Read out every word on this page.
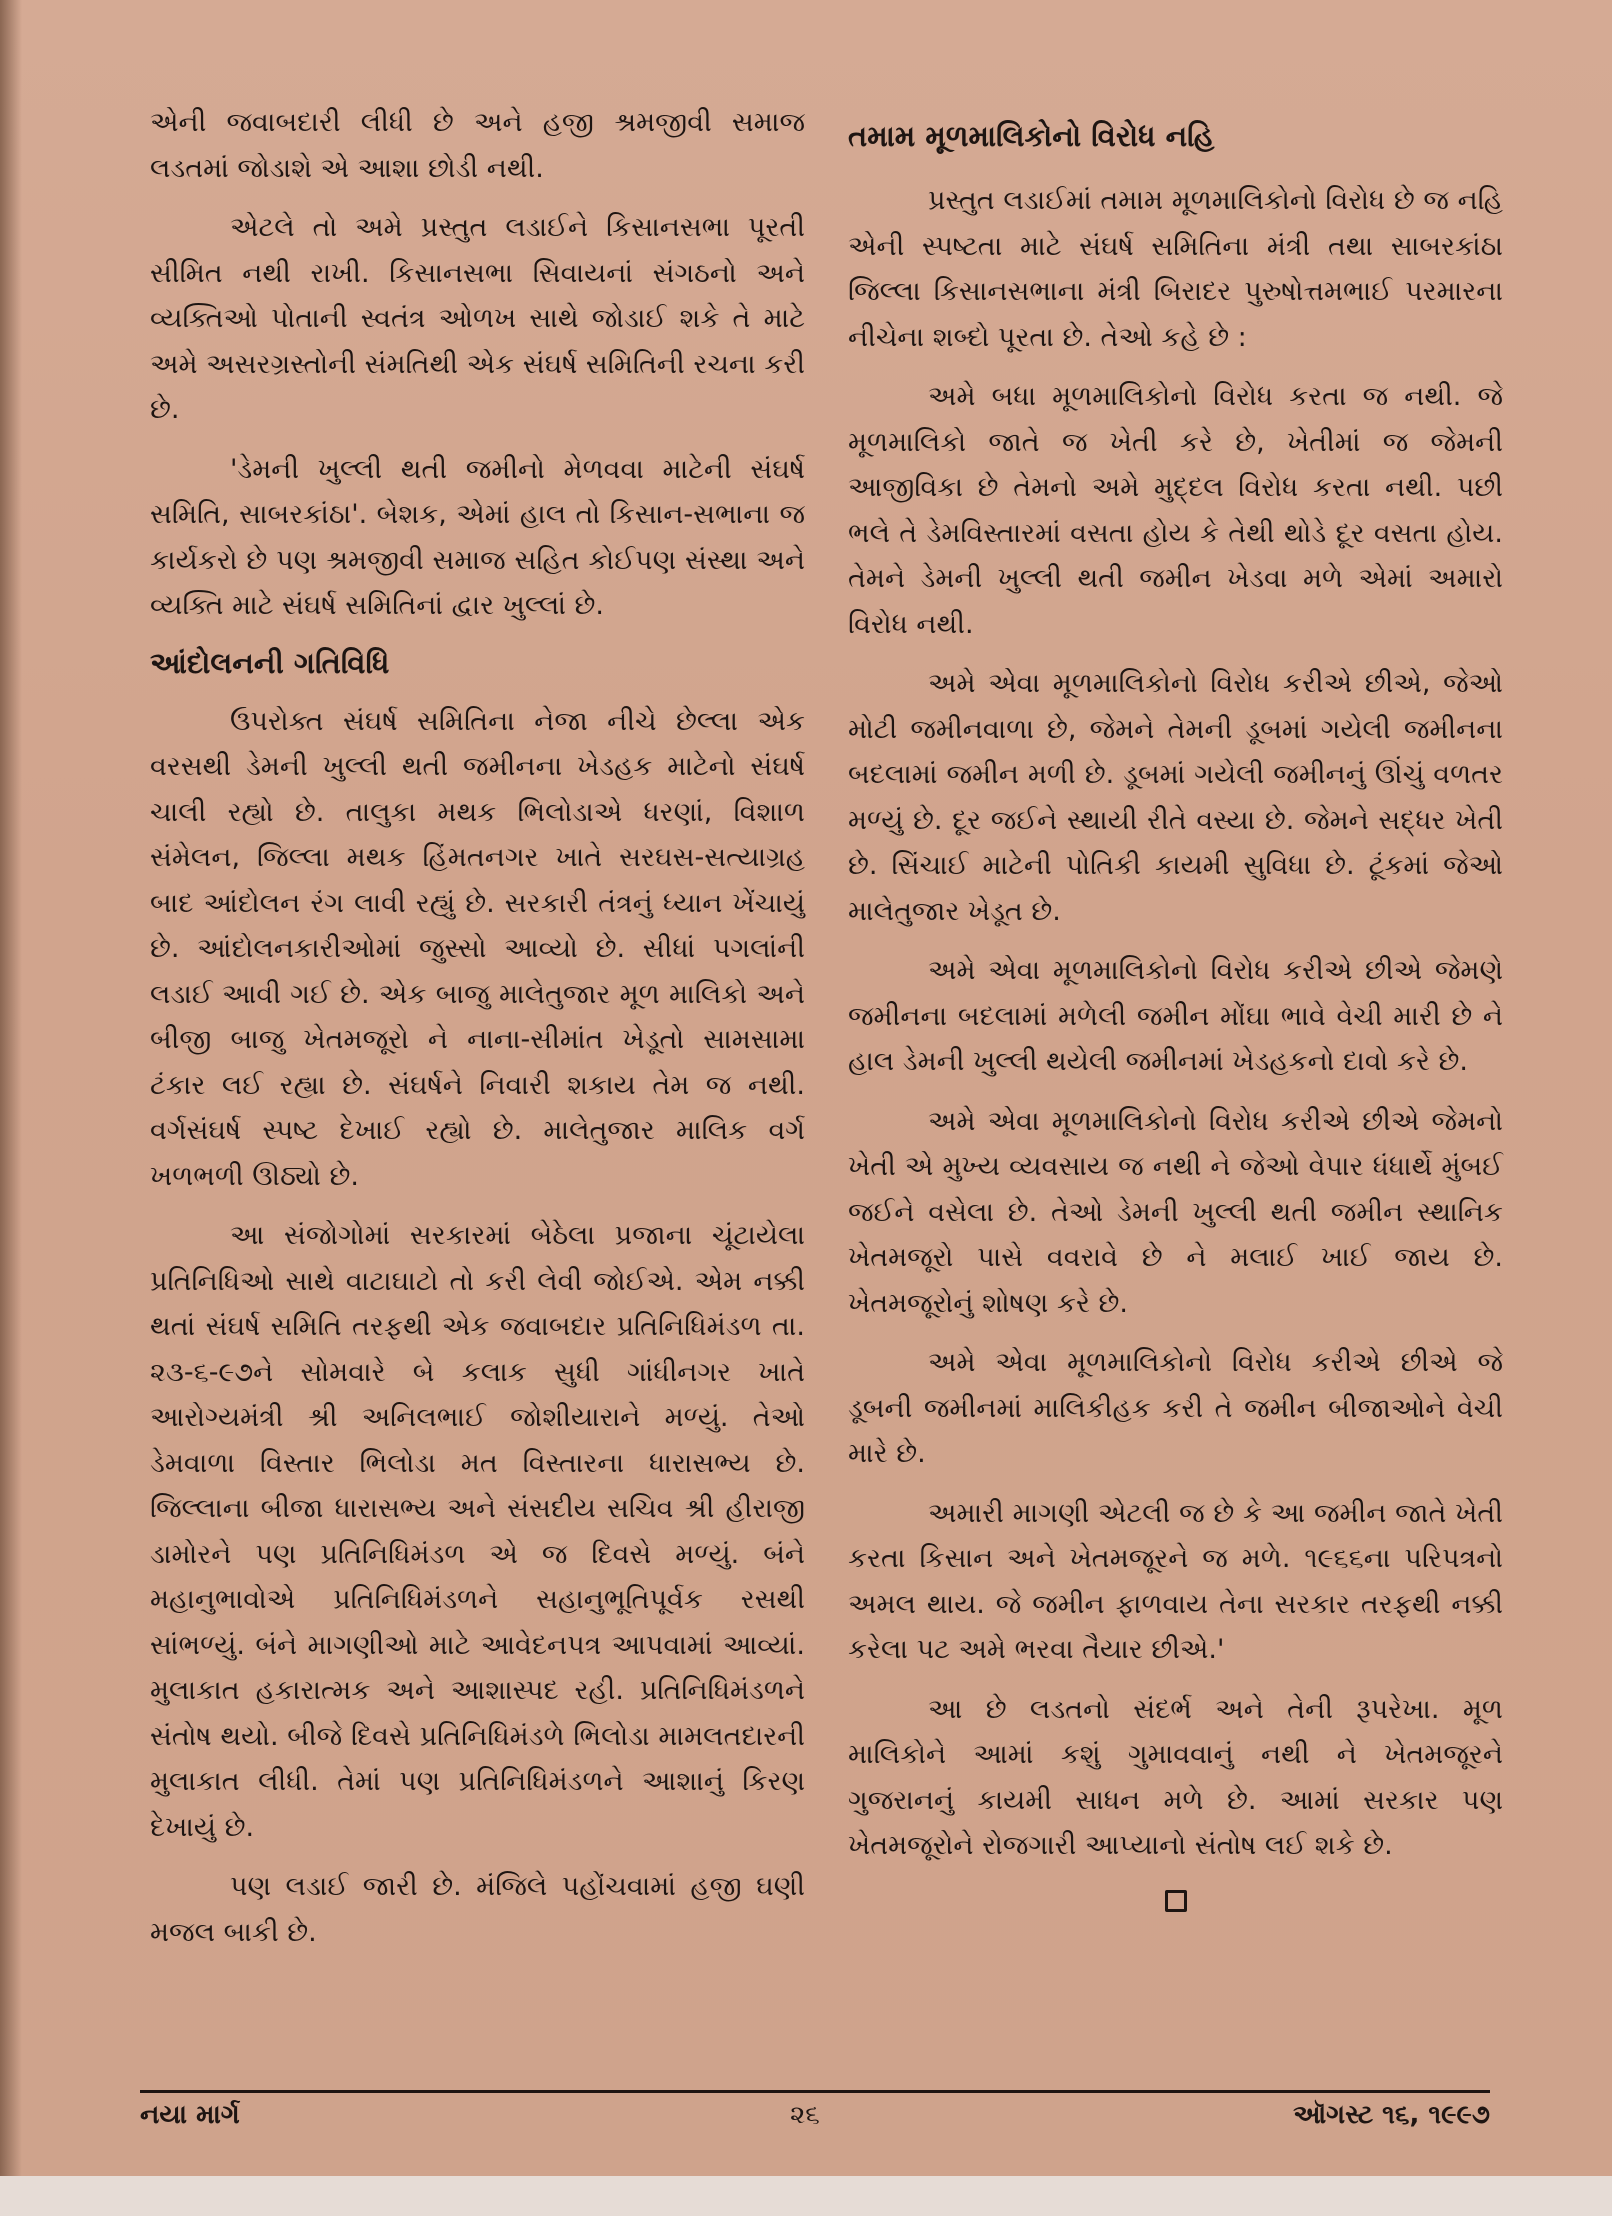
એની જવાબદારી લીધી છે અને હજી શ્રમજીવી સમાજ લડતમાં જોડાશે એ આશા છોડી નથી.

એટલે તો અમે પ્રસ્તુત લડાઈને કિસાનસભા પૂરતી સીમિત નથી રાખી. કિસાનસભા સિવાયનાં સંગઠનો અને વ્યક્તિઓ પોતાની સ્વતંત્ર ઓળખ સાથે જોડાઈ શકે તે માટે અમે અસરગ્રસ્તોની સંમતિથી એક સંઘર્ષ સમિતિની રચના કરી છે.

'ડેમની ખુલ્લી થતી જમીનો મેળવવા માટેની સંઘર્ષ સમિતિ, સાબરકાંઠા'. બેશક, એમાં હાલ તો કિસાન-સભાના જ કાર્યકરો છે પણ શ્રમજીવી સમાજ સહિત કોઈપણ સંસ્થા અને વ્યક્તિ માટે સંઘર્ષ સમિતિનાં દ્વાર ખુલ્લાં છે.

આંદોલનની ગતિવિધિ

ઉપરોક્ત સંઘર્ષ સમિતિના નેજા નીચે છેલ્લા એક વરસથી ડેમની ખુલ્લી થતી જમીનના ખેડહક માટેનો સંઘર્ષ ચાલી રહ્યો છે. તાલુકા મથક ભિલોડાએ ધરણાં, વિશાળ સંમેલન, જિલ્લા મથક હિંમતનગર ખાતે સરઘસ-સત્યાગ્રહ બાદ આંદોલન રંગ લાવી રહ્યું છે. સરકારી તંત્રનું ધ્યાન ખેંચાયું છે. આંદોલનકારીઓમાં જુસ્સો આવ્યો છે. સીધાં પગલાંની લડાઈ આવી ગઈ છે. એક બાજુ માલેતુજાર મૂળ માલિકો અને બીજી બાજુ ખેતમજૂરો ને નાના-સીમાંત ખેડૂતો સામસામા ટંકાર લઈ રહ્યા છે. સંઘર્ષને નિવારી શકાય તેમ જ નથી. વર્ગસંઘર્ષ સ્પષ્ટ દેખાઈ રહ્યો છે. માલેતુજાર માલિક વર્ગ ખળભળી ઊઠ્યો છે.

આ સંજોગોમાં સરકારમાં બેઠેલા પ્રજાના ચૂંટાયેલા પ્રતિનિધિઓ સાથે વાટાઘાટો તો કરી લેવી જોઈએ. એમ નક્કી થતાં સંઘર્ષ સમિતિ તરફથી એક જવાબદાર પ્રતિનિધિમંડળ તા. ૨૩-૬-૯૭ને સોમવારે બે કલાક સુધી ગાંધીનગર ખાતે આરોગ્યમંત્રી શ્રી અનિલભાઈ જોશીયારાને મળ્યું. તેઓ ડેમવાળા વિસ્તાર ભિલોડા મત વિસ્તારના ધારાસભ્ય છે. જિલ્લાના બીજા ધારાસભ્ય અને સંસદીય સચિવ શ્રી હીરાજી ડામોરને પણ પ્રતિનિધિમંડળ એ જ દિવસે મળ્યું. બંને મહાનુભાવોએ પ્રતિનિધિમંડળને સહાનુભૂતિપૂર્વક રસથી સાંભળ્યું. બંને માગણીઓ માટે આવેદનપત્ર આપવામાં આવ્યાં. મુલાકાત હકારાત્મક અને આશાસ્પદ રહી. પ્રતિનિધિમંડળને સંતોષ થયો. બીજે દિવસે પ્રતિનિધિમંડળે ભિલોડા મામલતદારની મુલાકાત લીધી. તેમાં પણ પ્રતિનિધિમંડળને આશાનું કિરણ દેખાયું છે.

પણ લડાઈ જારી છે. મંજિલે પહોંચવામાં હજી ઘણી મજલ બાકી છે.

તમામ મૂળમાલિકોનો વિરોધ નહિ

પ્રસ્તુત લડાઈમાં તમામ મૂળમાલિકોનો વિરોધ છે જ નહિ એની સ્પષ્ટતા માટે સંઘર્ષ સમિતિના મંત્રી તથા સાબરકાંઠા જિલ્લા કિસાનસભાના મંત્રી બિરાદર પુરુષોત્તમભાઈ પરમારના નીચેના શબ્દો પૂરતા છે. તેઓ કહે છે :

અમે બધા મૂળમાલિકોનો વિરોધ કરતા જ નથી. જે મૂળમાલિકો જાતે જ ખેતી કરે છે, ખેતીમાં જ જેમની આજીવિકા છે તેમનો અમે મુદ્દલ વિરોધ કરતા નથી. પછી ભલે તે ડેમવિસ્તારમાં વસતા હોય કે તેથી થોડે દૂર વસતા હોય. તેમને ડેમની ખુલ્લી થતી જમીન ખેડવા મળે એમાં અમારો વિરોધ નથી.

અમે એવા મૂળમાલિકોનો વિરોધ કરીએ છીએ, જેઓ મોટી જમીનવાળા છે, જેમને તેમની ડૂબમાં ગયેલી જમીનના બદલામાં જમીન મળી છે. ડૂબમાં ગયેલી જમીનનું ઊંચું વળતર મળ્યું છે. દૂર જઈને સ્થાયી રીતે વસ્યા છે. જેમને સદ્ધર ખેતી છે. સિંચાઈ માટેની પોતિકી કાયમી સુવિધા છે. ટૂંકમાં જેઓ માલેતુજાર ખેડૂત છે.

અમે એવા મૂળમાલિકોનો વિરોધ કરીએ છીએ જેમણે જમીનના બદલામાં મળેલી જમીન મોંઘા ભાવે વેચી મારી છે ને હાલ ડેમની ખુલ્લી થયેલી જમીનમાં ખેડહકનો દાવો કરે છે.

અમે એવા મૂળમાલિકોનો વિરોધ કરીએ છીએ જેમનો ખેતી એ મુખ્ય વ્યવસાય જ નથી ને જેઓ વેપાર ધંધાર્થે મુંબઈ જઈને વસેલા છે. તેઓ ડેમની ખુલ્લી થતી જમીન સ્થાનિક ખેતમજૂરો પાસે વવરાવે છે ને મલાઈ ખાઈ જાય છે. ખેતમજૂરોનું શોષણ કરે છે.

અમે એવા મૂળમાલિકોનો વિરોધ કરીએ છીએ જે ડૂબની જમીનમાં માલિકીહક કરી તે જમીન બીજાઓને વેચી મારે છે.

અમારી માગણી એટલી જ છે કે આ જમીન જાતે ખેતી કરતા કિસાન અને ખેતમજૂરને જ મળે. ૧૯૬૬ના પરિપત્રનો અમલ થાય. જે જમીન ફાળવાય તેના સરકાર તરફથી નક્કી કરેલા પટ અમે ભરવા તૈયાર છીએ.'

આ છે લડતનો સંદર્ભ અને તેની રૂપરેખા. મૂળ માલિકોને આમાં કશું ગુમાવવાનું નથી ને ખેતમજૂરને ગુજરાનનું કાયમી સાધન મળે છે. આમાં સરકાર પણ ખેતમજૂરોને રોજગારી આપ્યાનો સંતોષ લઈ શકે છે.

નયા માર્ગ	૨૬	ઑગસ્ટ ૧૬, ૧૯૯૭
